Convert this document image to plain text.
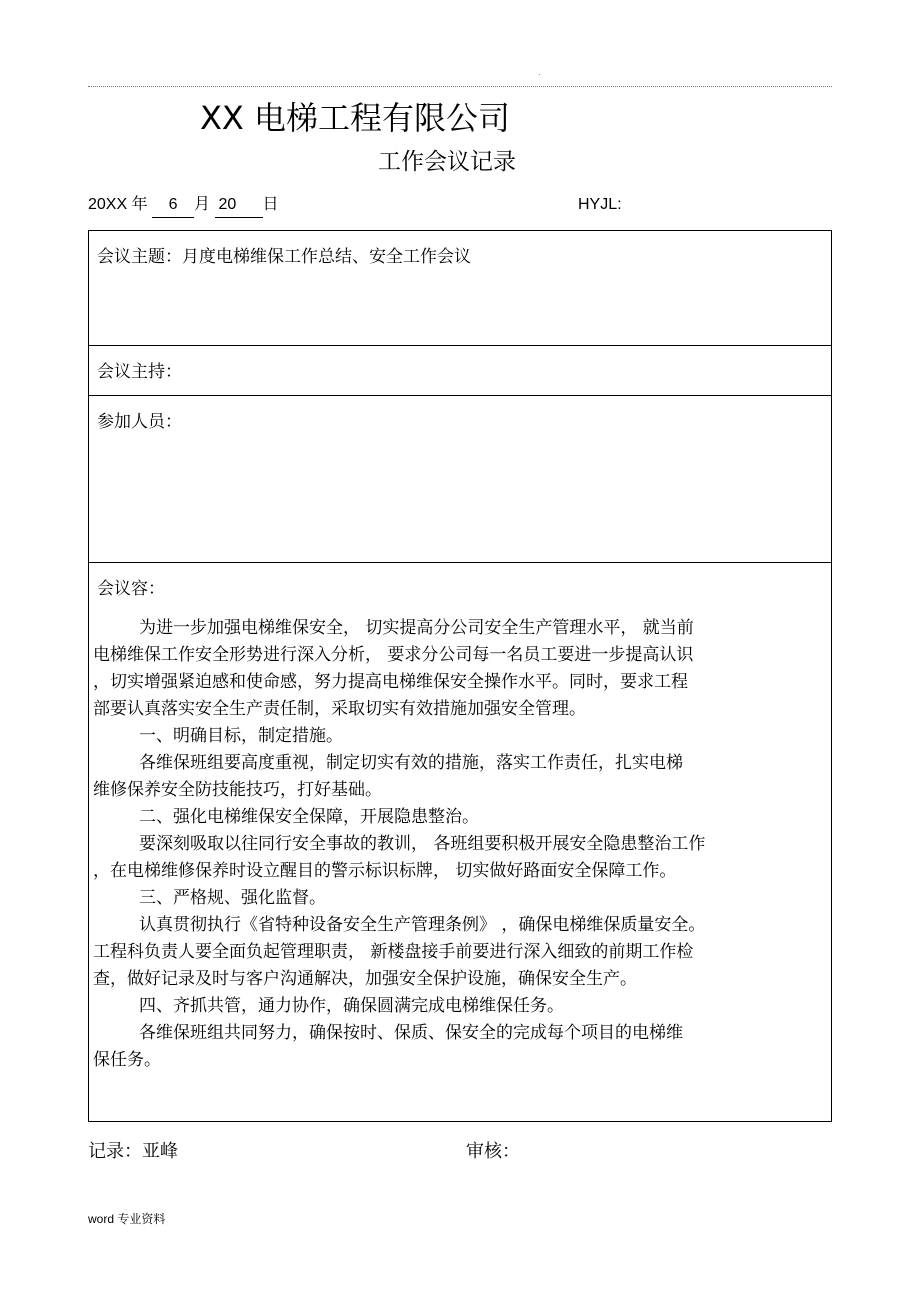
.
XX 电梯工程有限公司
工作会议记录
20XX 年 6 月 20 日	HYJL:
会议主题：月度电梯维保工作总结、安全工作会议
会议主持：
参加人员：
会议容：
为进一步加强电梯维保安全， 切实提高分公司安全生产管理水平， 就当前
电梯维保工作安全形势进行深入分析， 要求分公司每一名员工要进一步提高认识
，切实增强紧迫感和使命感，努力提高电梯维保安全操作水平。同时，要求工程
部要认真落实安全生产责任制，采取切实有效措施加强安全管理。
一、明确目标，制定措施。
各维保班组要高度重视，制定切实有效的措施，落实工作责任，扎实电梯
维修保养安全防技能技巧，打好基础。
二、强化电梯维保安全保障，开展隐患整治。
要深刻吸取以往同行安全事故的教训， 各班组要积极开展安全隐患整治工作
，在电梯维修保养时设立醒目的警示标识标牌， 切实做好路面安全保障工作。
三、严格规、强化监督。
认真贯彻执行《省特种设备安全生产管理条例》 ，确保电梯维保质量安全。
工程科负责人要全面负起管理职责， 新楼盘接手前要进行深入细致的前期工作检
查，做好记录及时与客户沟通解决，加强安全保护设施，确保安全生产。
四、齐抓共管，通力协作，确保圆满完成电梯维保任务。
各维保班组共同努力，确保按时、保质、保安全的完成每个项目的电梯维
保任务。
记录：亚峰	审核：
word 专业资料
